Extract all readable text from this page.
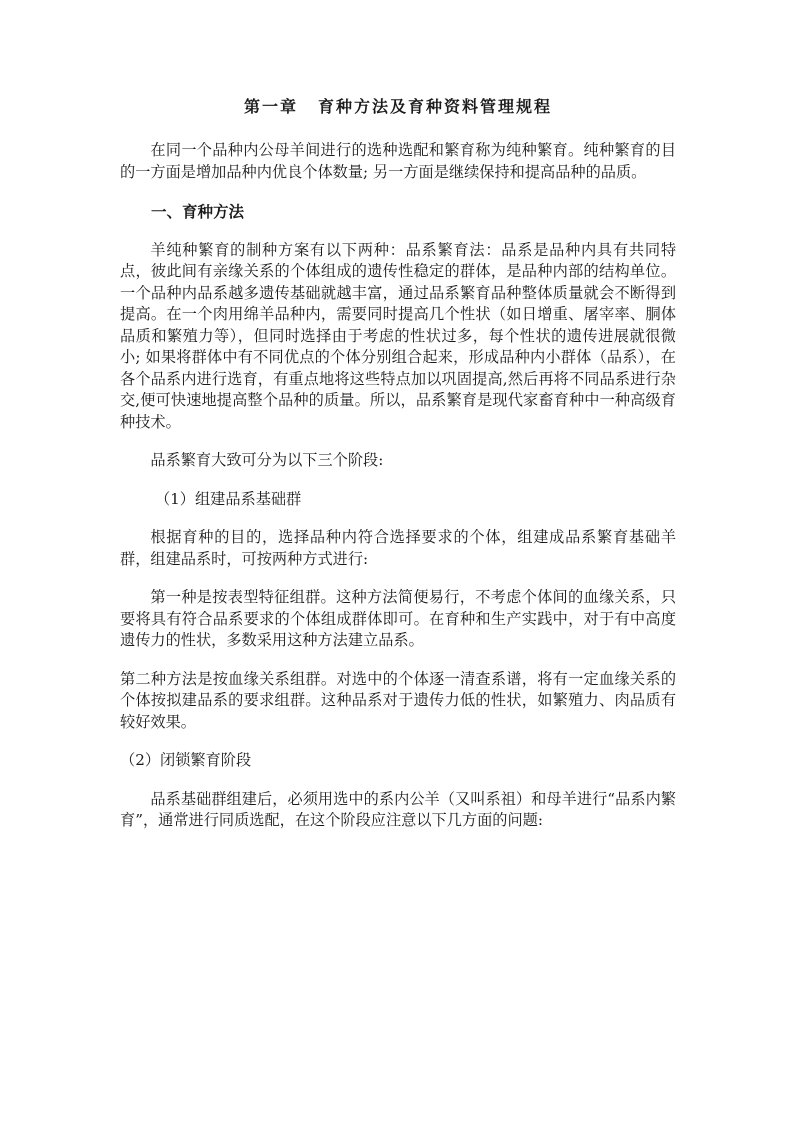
第一章 育种方法及育种资料管理规程

在同一个品种内公母羊间进行的选种选配和繁育称为纯种繁育。纯种繁育的目的一方面是增加品种内优良个体数量; 另一方面是继续保持和提高品种的品质。

一、育种方法

羊纯种繁育的制种方案有以下两种：品系繁育法：品系是品种内具有共同特点，彼此间有亲缘关系的个体组成的遗传性稳定的群体，是品种内部的结构单位。一个品种内品系越多遗传基础就越丰富，通过品系繁育品种整体质量就会不断得到提高。在一个肉用绵羊品种内，需要同时提高几个性状（如日增重、屠宰率、胴体品质和繁殖力等），但同时选择由于考虑的性状过多，每个性状的遗传进展就很微小; 如果将群体中有不同优点的个体分别组合起来，形成品种内小群体（品系），在各个品系内进行选育，有重点地将这些特点加以巩固提高,然后再将不同品系进行杂交,便可快速地提高整个品种的质量。所以，品系繁育是现代家畜育种中一种高级育种技术。

品系繁育大致可分为以下三个阶段:

（1）组建品系基础群

根据育种的目的，选择品种内符合选择要求的个体，组建成品系繁育基础羊群，组建品系时，可按两种方式进行:

第一种是按表型特征组群。这种方法简便易行，不考虑个体间的血缘关系，只要将具有符合品系要求的个体组成群体即可。在育种和生产实践中，对于有中高度遗传力的性状，多数采用这种方法建立品系。

第二种方法是按血缘关系组群。对选中的个体逐一清查系谱，将有一定血缘关系的个体按拟建品系的要求组群。这种品系对于遗传力低的性状，如繁殖力、肉品质有较好效果。

（2）闭锁繁育阶段

品系基础群组建后，必须用选中的系内公羊（又叫系祖）和母羊进行“品系内繁育”，通常进行同质选配，在这个阶段应注意以下几方面的问题:
